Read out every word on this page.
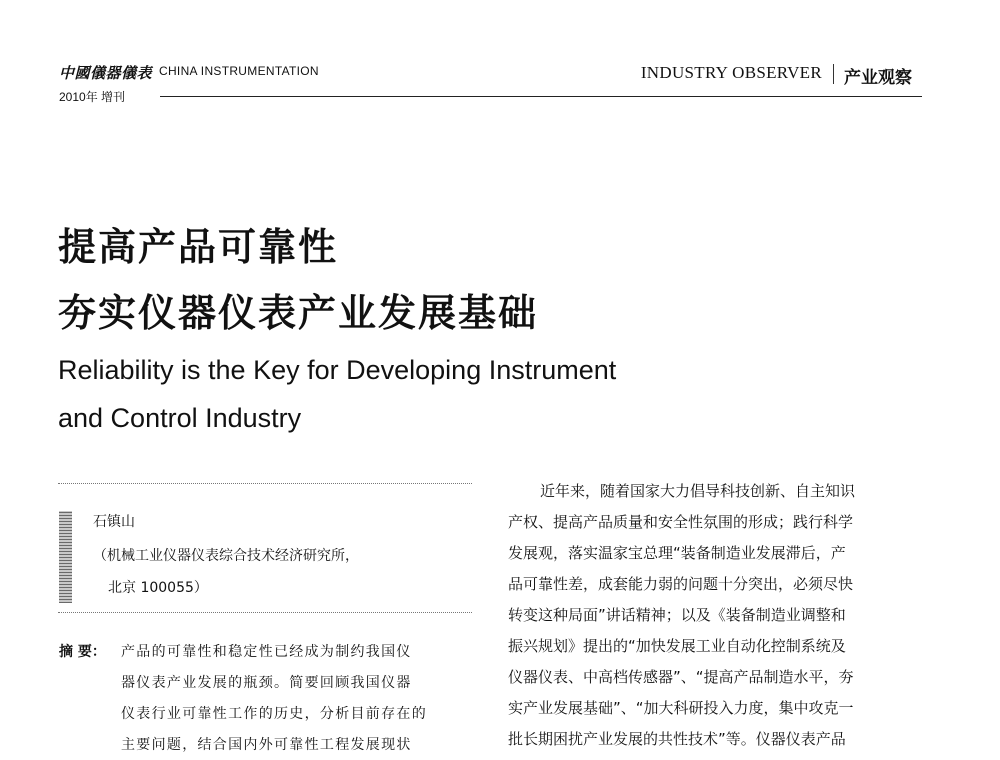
中國儀器儀表 CHINA INSTRUMENTATION
2010年 增刊
INDUSTRY OBSERVER 产业观察
提高产品可靠性
夯实仪器仪表产业发展基础
Reliability is the Key for Developing Instrument
and Control Industry
石镇山
（机械工业仪器仪表综合技术经济研究所，
北京 100055）
摘 要： 产品的可靠性和稳定性已经成为制约我国仪
器仪表产业发展的瓶颈。简要回顾我国仪器
仪表行业可靠性工作的历史，分析目前存在的
主要问题，结合国内外可靠性工程发展现状
近年来，随着国家大力倡导科技创新、自主知识
产权、提高产品质量和安全性氛围的形成；践行科学
发展观，落实温家宝总理“装备制造业发展滞后，产
品可靠性差，成套能力弱的问题十分突出，必须尽快
转变这种局面”讲话精神；以及《装备制造业调整和
振兴规划》提出的“加快发展工业自动化控制系统及
仪器仪表、中高档传感器”、“提高产品制造水平，夯
实产业发展基础”、“加大科研投入力度，集中攻克一
批长期困扰产业发展的共性技术”等。仪器仪表产品
